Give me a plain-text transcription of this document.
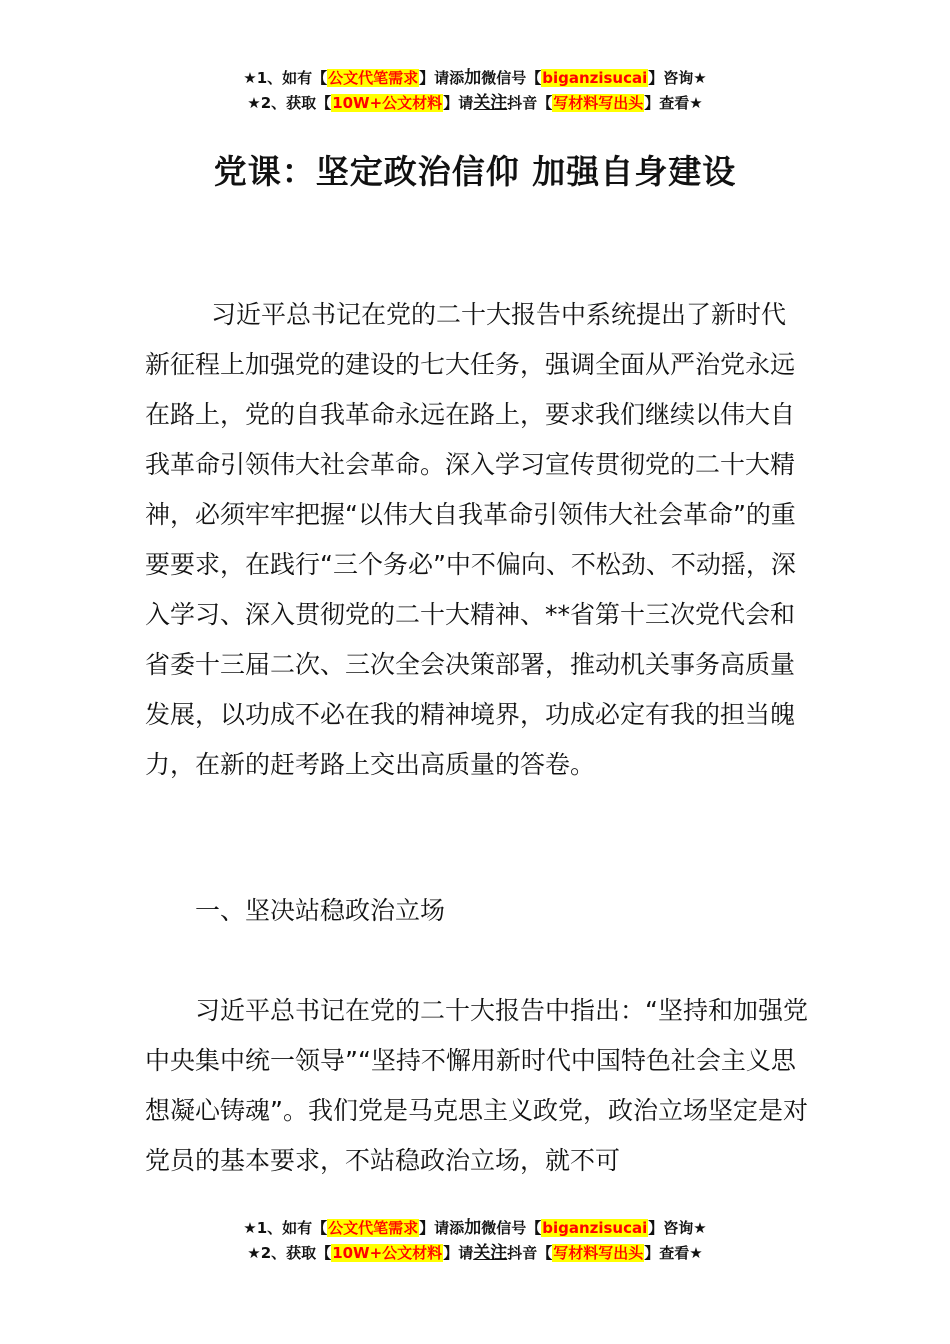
★1、如有【公文代笔需求】请添加微信号【biganzisucai】咨询★
★2、获取【10W+公文材料】请关注抖音【写材料写出头】查看★
党课：坚定政治信仰 加强自身建设

习近平总书记在党的二十大报告中系统提出了新时代新征程上加强党的建设的七大任务，强调全面从严治党永远在路上，党的自我革命永远在路上，要求我们继续以伟大自我革命引领伟大社会革命。深入学习宣传贯彻党的二十大精神，必须牢牢把握“以伟大自我革命引领伟大社会革命”的重要要求，在践行“三个务必”中不偏向、不松劲、不动摇，深入学习、深入贯彻党的二十大精神、**省第十三次党代会和省委十三届二次、三次全会决策部署，推动机关事务高质量发展，以功成不必在我的精神境界，功成必定有我的担当魄力，在新的赶考路上交出高质量的答卷。

一、坚决站稳政治立场

习近平总书记在党的二十大报告中指出：“坚持和加强党中央集中统一领导”“坚持不懈用新时代中国特色社会主义思想凝心铸魂”。我们党是马克思主义政党，政治立场坚定是对党员的基本要求，不站稳政治立场，就不可

★1、如有【公文代笔需求】请添加微信号【biganzisucai】咨询★
★2、获取【10W+公文材料】请关注抖音【写材料写出头】查看★
